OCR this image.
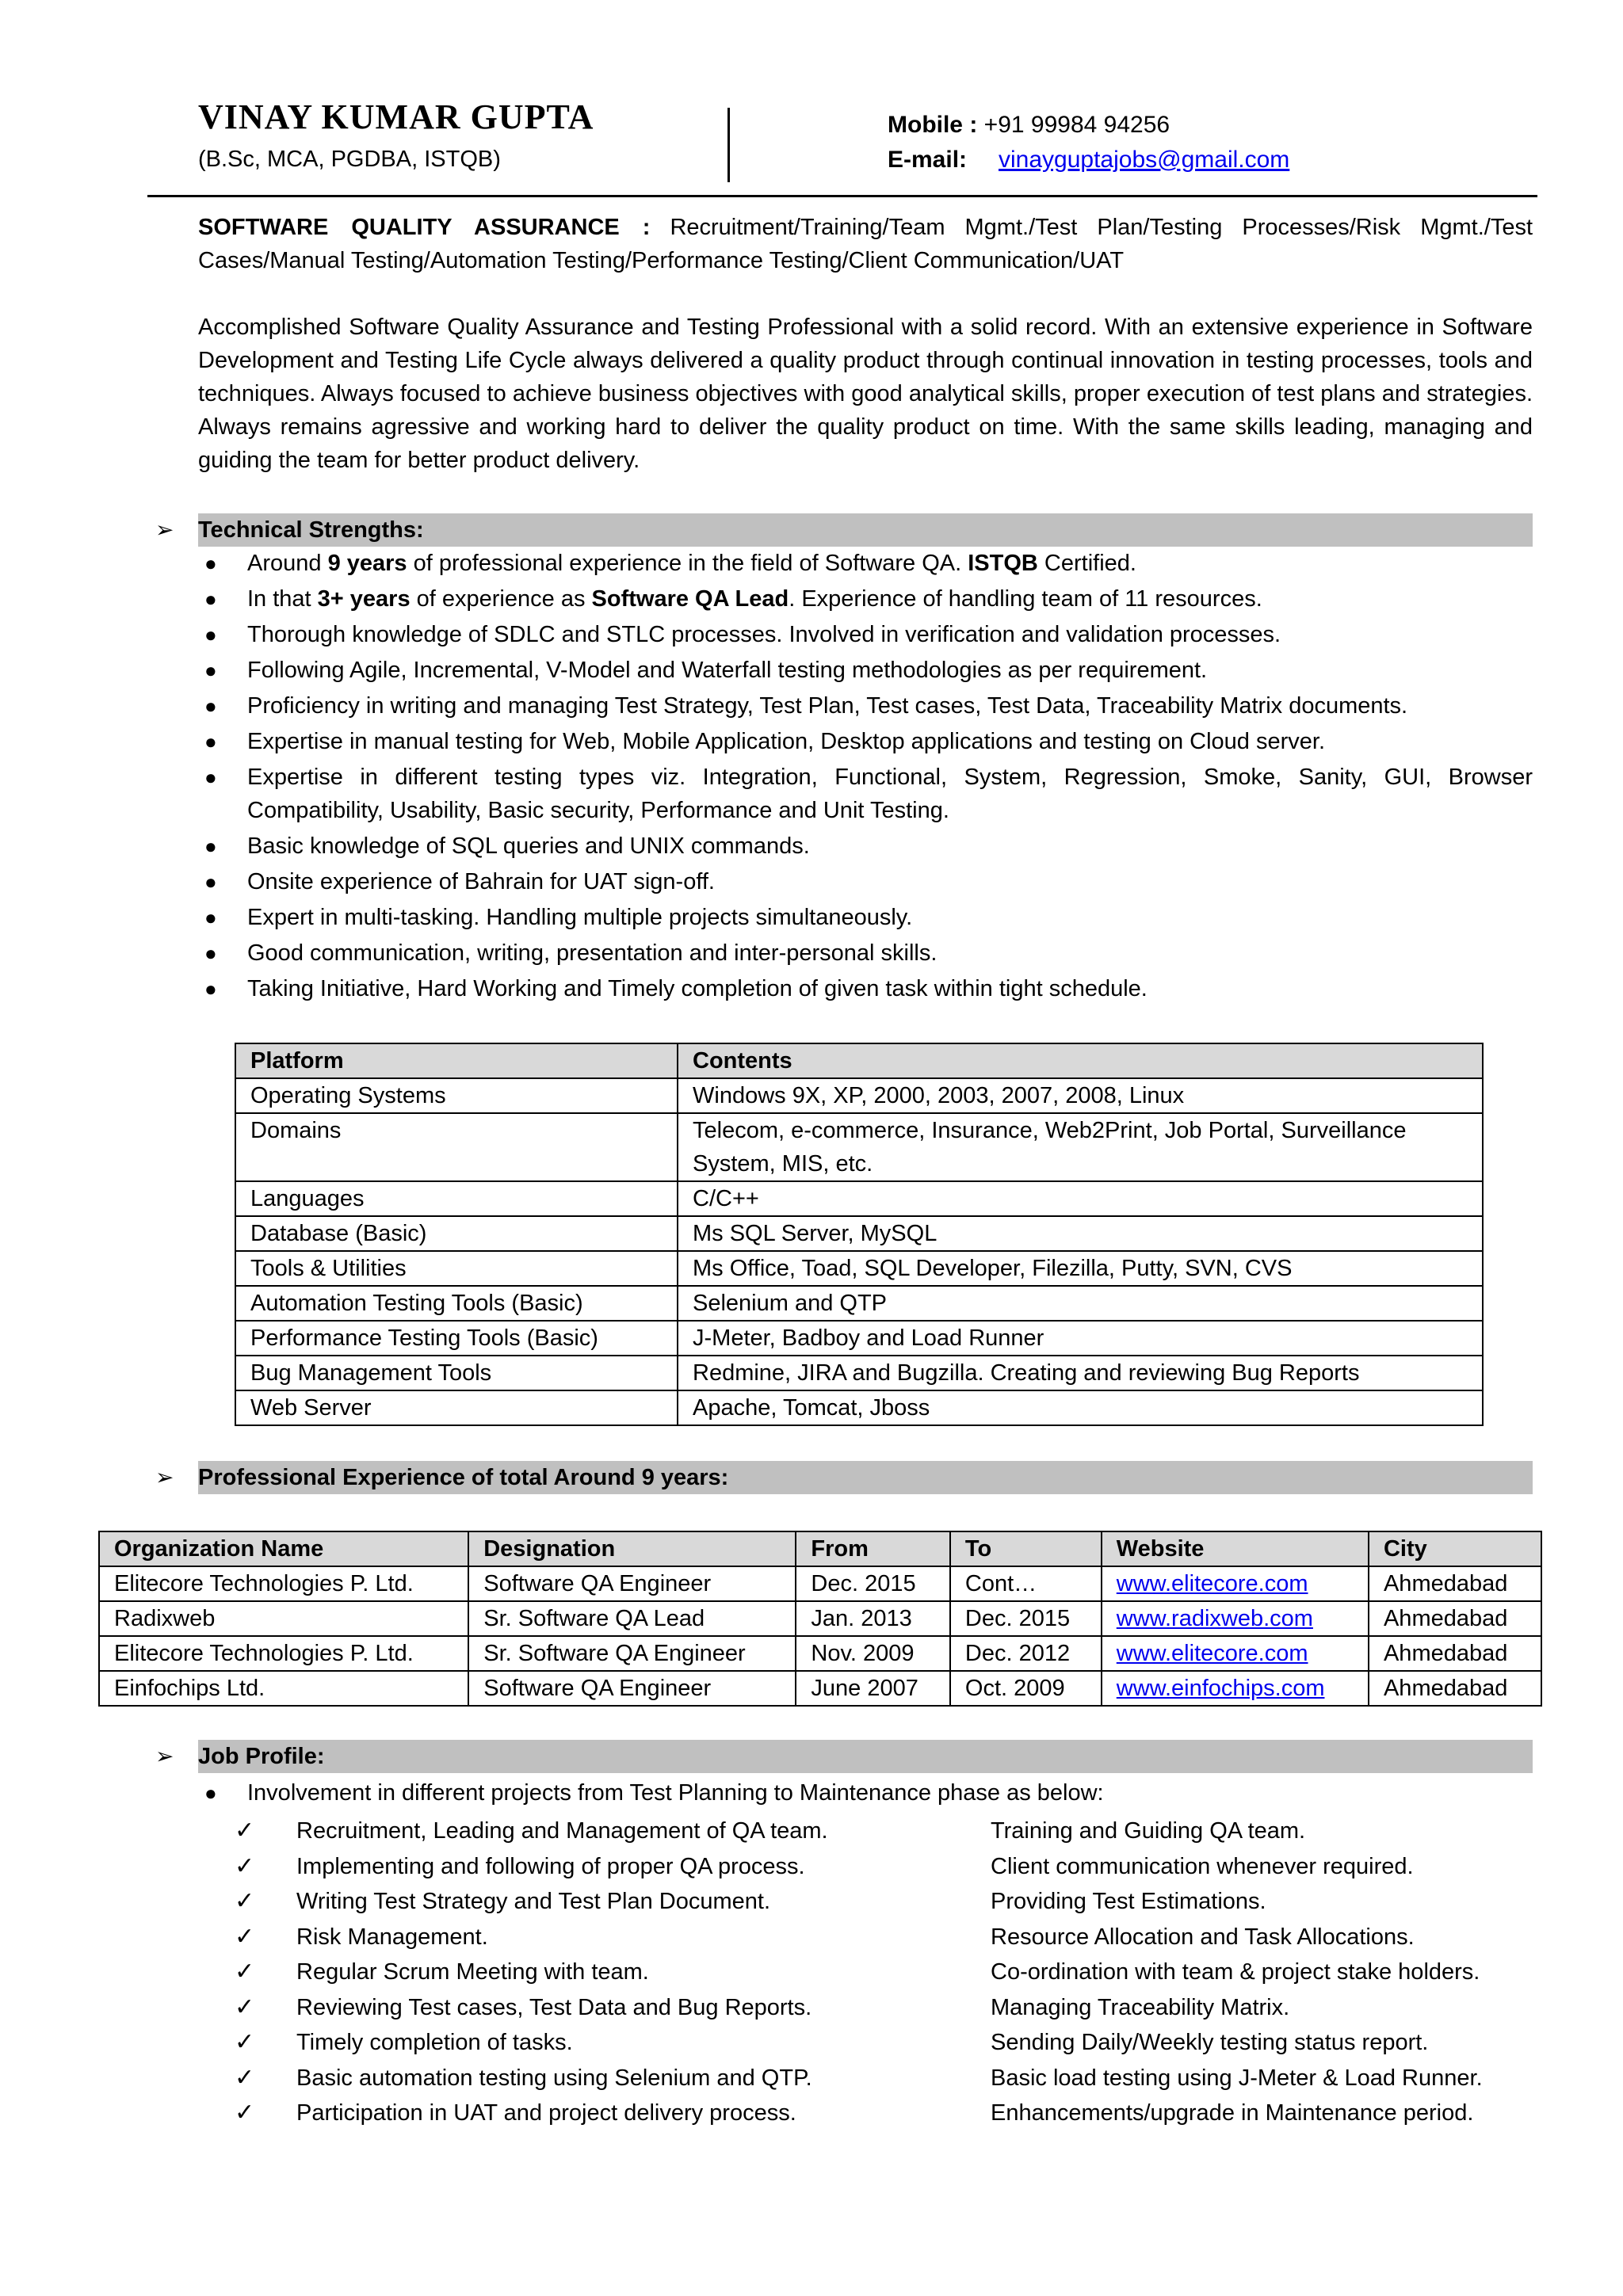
VINAY KUMAR GUPTA
(B.Sc, MCA, PGDBA, ISTQB)
Mobile : +91 99984 94256
E-mail: vinayguptajobs@gmail.com
SOFTWARE QUALITY ASSURANCE : Recruitment/Training/Team Mgmt./Test Plan/Testing Processes/Risk Mgmt./Test Cases/Manual Testing/Automation Testing/Performance Testing/Client Communication/UAT
Accomplished Software Quality Assurance and Testing Professional with a solid record. With an extensive experience in Software Development and Testing Life Cycle always delivered a quality product through continual innovation in testing processes, tools and techniques. Always focused to achieve business objectives with good analytical skills, proper execution of test plans and strategies. Always remains agressive and working hard to deliver the quality product on time. With the same skills leading, managing and guiding the team for better product delivery.
➢ Technical Strengths:
● Around 9 years of professional experience in the field of Software QA. ISTQB Certified.
● In that 3+ years of experience as Software QA Lead. Experience of handling team of 11 resources.
● Thorough knowledge of SDLC and STLC processes. Involved in verification and validation processes.
● Following Agile, Incremental, V-Model and Waterfall testing methodologies as per requirement.
● Proficiency in writing and managing Test Strategy, Test Plan, Test cases, Test Data, Traceability Matrix documents.
● Expertise in manual testing for Web, Mobile Application, Desktop applications and testing on Cloud server.
● Expertise in different testing types viz. Integration, Functional, System, Regression, Smoke, Sanity, GUI, Browser Compatibility, Usability, Basic security, Performance and Unit Testing.
● Basic knowledge of SQL queries and UNIX commands.
● Onsite experience of Bahrain for UAT sign-off.
● Expert in multi-tasking. Handling multiple projects simultaneously.
● Good communication, writing, presentation and inter-personal skills.
● Taking Initiative, Hard Working and Timely completion of given task within tight schedule.
Platform	Contents
Operating Systems	Windows 9X, XP, 2000, 2003, 2007, 2008, Linux
Domains	Telecom, e-commerce, Insurance, Web2Print, Job Portal, Surveillance System, MIS, etc.
Languages	C/C++
Database (Basic)	Ms SQL Server, MySQL
Tools & Utilities	Ms Office, Toad, SQL Developer, Filezilla, Putty, SVN, CVS
Automation Testing Tools (Basic)	Selenium and QTP
Performance Testing Tools (Basic)	J-Meter, Badboy and Load Runner
Bug Management Tools	Redmine, JIRA and Bugzilla. Creating and reviewing Bug Reports
Web Server	Apache, Tomcat, Jboss
➢ Professional Experience of total Around 9 years:
Organization Name	Designation	From	To	Website	City
Elitecore Technologies P. Ltd.	Software QA Engineer	Dec. 2015	Cont…	www.elitecore.com	Ahmedabad
Radixweb	Sr. Software QA Lead	Jan. 2013	Dec. 2015	www.radixweb.com	Ahmedabad
Elitecore Technologies P. Ltd.	Sr. Software QA Engineer	Nov. 2009	Dec. 2012	www.elitecore.com	Ahmedabad
Einfochips Ltd.	Software QA Engineer	June 2007	Oct. 2009	www.einfochips.com	Ahmedabad
➢ Job Profile:
● Involvement in different projects from Test Planning to Maintenance phase as below:
✓ Recruitment, Leading and Management of QA team.	Training and Guiding QA team.
✓ Implementing and following of proper QA process.	Client communication whenever required.
✓ Writing Test Strategy and Test Plan Document.	Providing Test Estimations.
✓ Risk Management.	Resource Allocation and Task Allocations.
✓ Regular Scrum Meeting with team.	Co-ordination with team & project stake holders.
✓ Reviewing Test cases, Test Data and Bug Reports.	Managing Traceability Matrix.
✓ Timely completion of tasks.	Sending Daily/Weekly testing status report.
✓ Basic automation testing using Selenium and QTP.	Basic load testing using J-Meter & Load Runner.
✓ Participation in UAT and project delivery process.	Enhancements/upgrade in Maintenance period.
